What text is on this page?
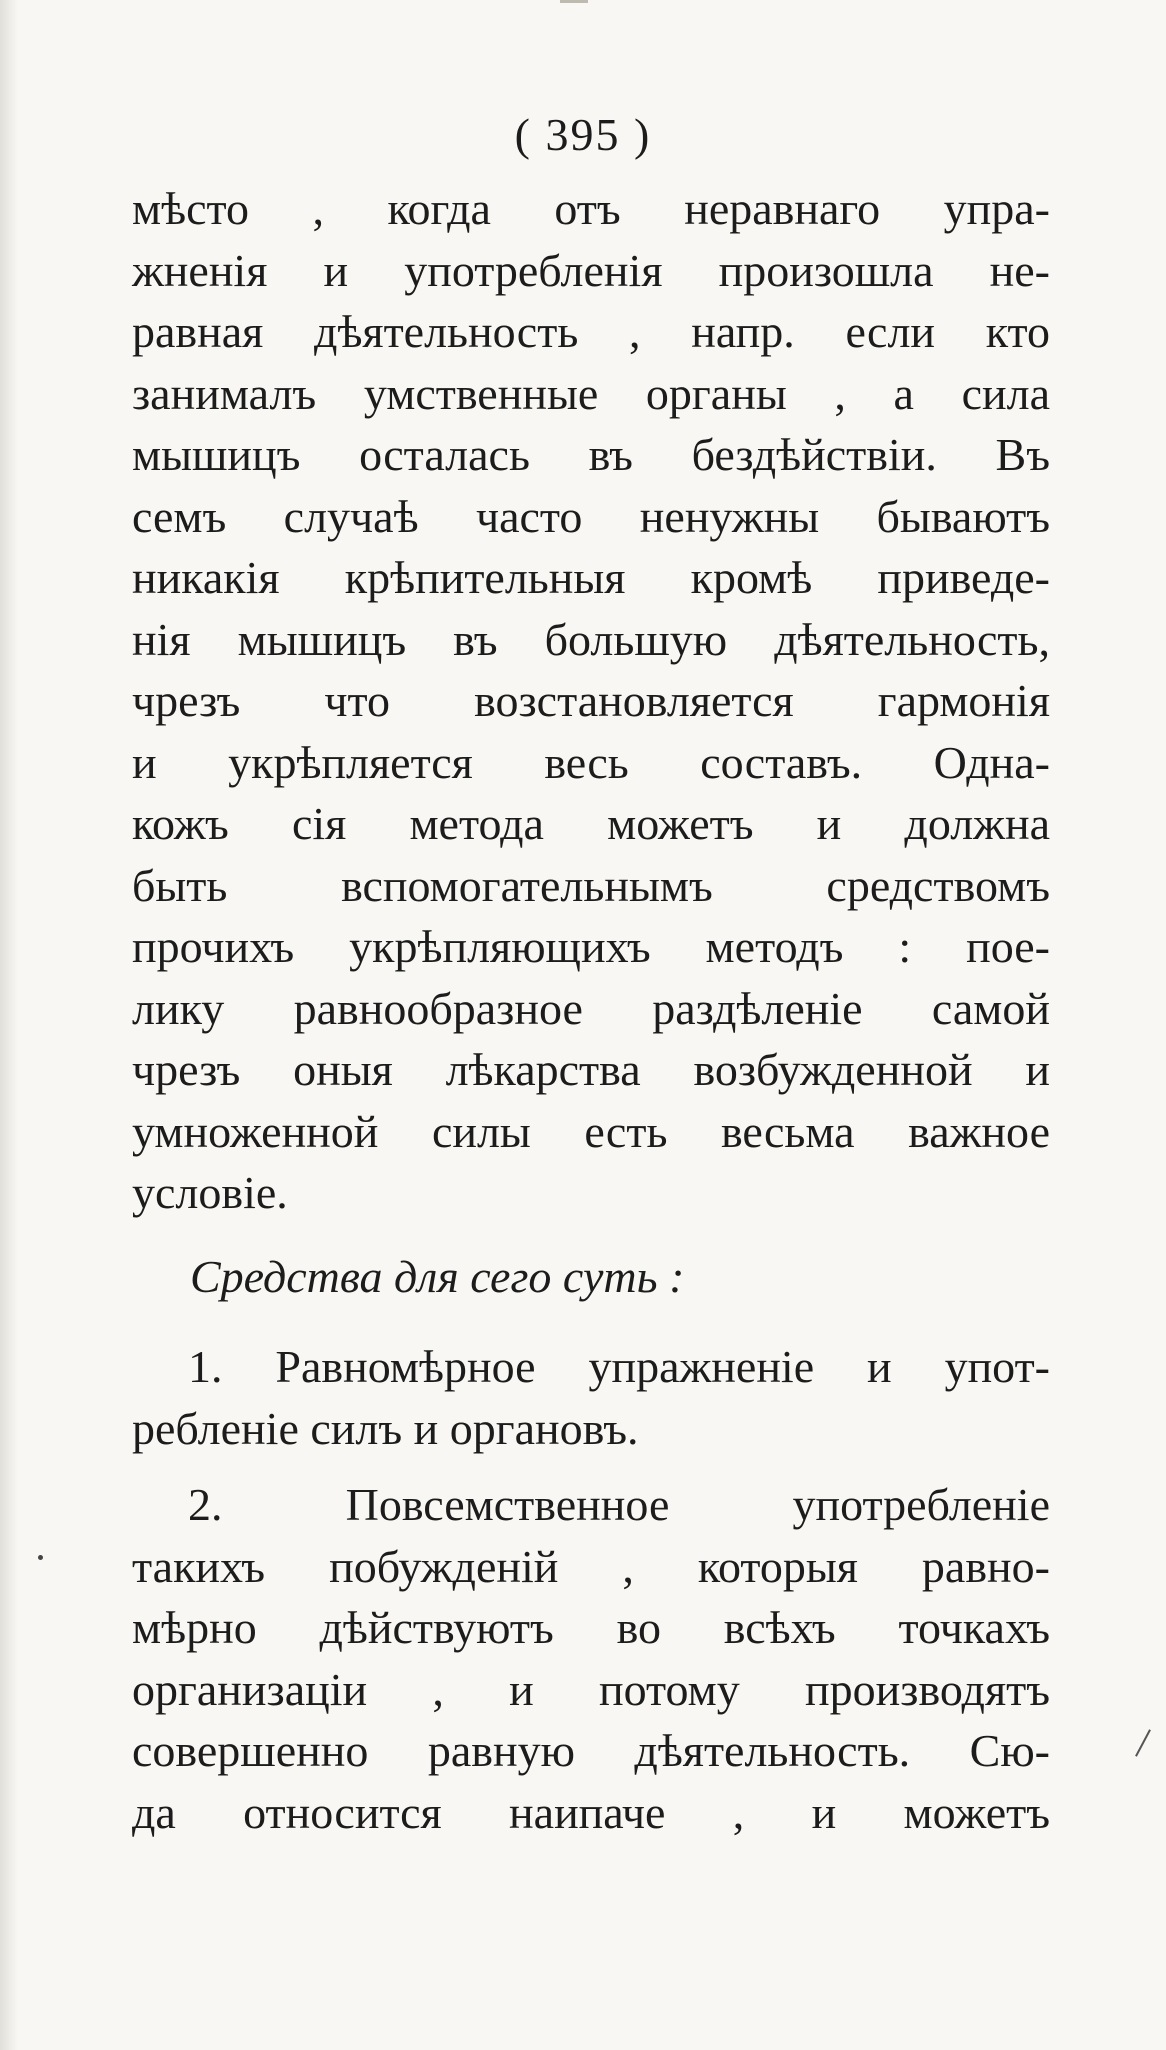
( 395 )
мѣсто , когда отъ неравнаго упра-
жненія и употребленія произошла не-
равная дѣятельность , напр. если кто
занималъ умственные органы , а сила
мышицъ осталась въ бездѣйствіи. Въ
семъ случаѣ часто ненужны бываютъ
никакія крѣпительныя кромѣ приведе-
нія мышицъ въ большую дѣятельность,
чрезъ что возстановляется гармонія
и укрѣпляется весь составъ. Одна-
кожъ сія метода можетъ и должна
быть вспомогательнымъ средствомъ
прочихъ укрѣпляющихъ методъ : пое-
лику равнообразное раздѣленіе самой
чрезъ оныя лѣкарства возбужденной и
умноженной силы есть весьма важное
условіе.
Средства для сего суть :
1. Равномѣрное упражненіе и упот-
ребленіе силъ и органовъ.
2. Повсемственное употребленіе
такихъ побужденій , которыя равно-
мѣрно дѣйствуютъ во всѣхъ точкахъ
организаціи , и потому производятъ
совершенно равную дѣятельность. Сю-
да относится наипаче , и можетъ
